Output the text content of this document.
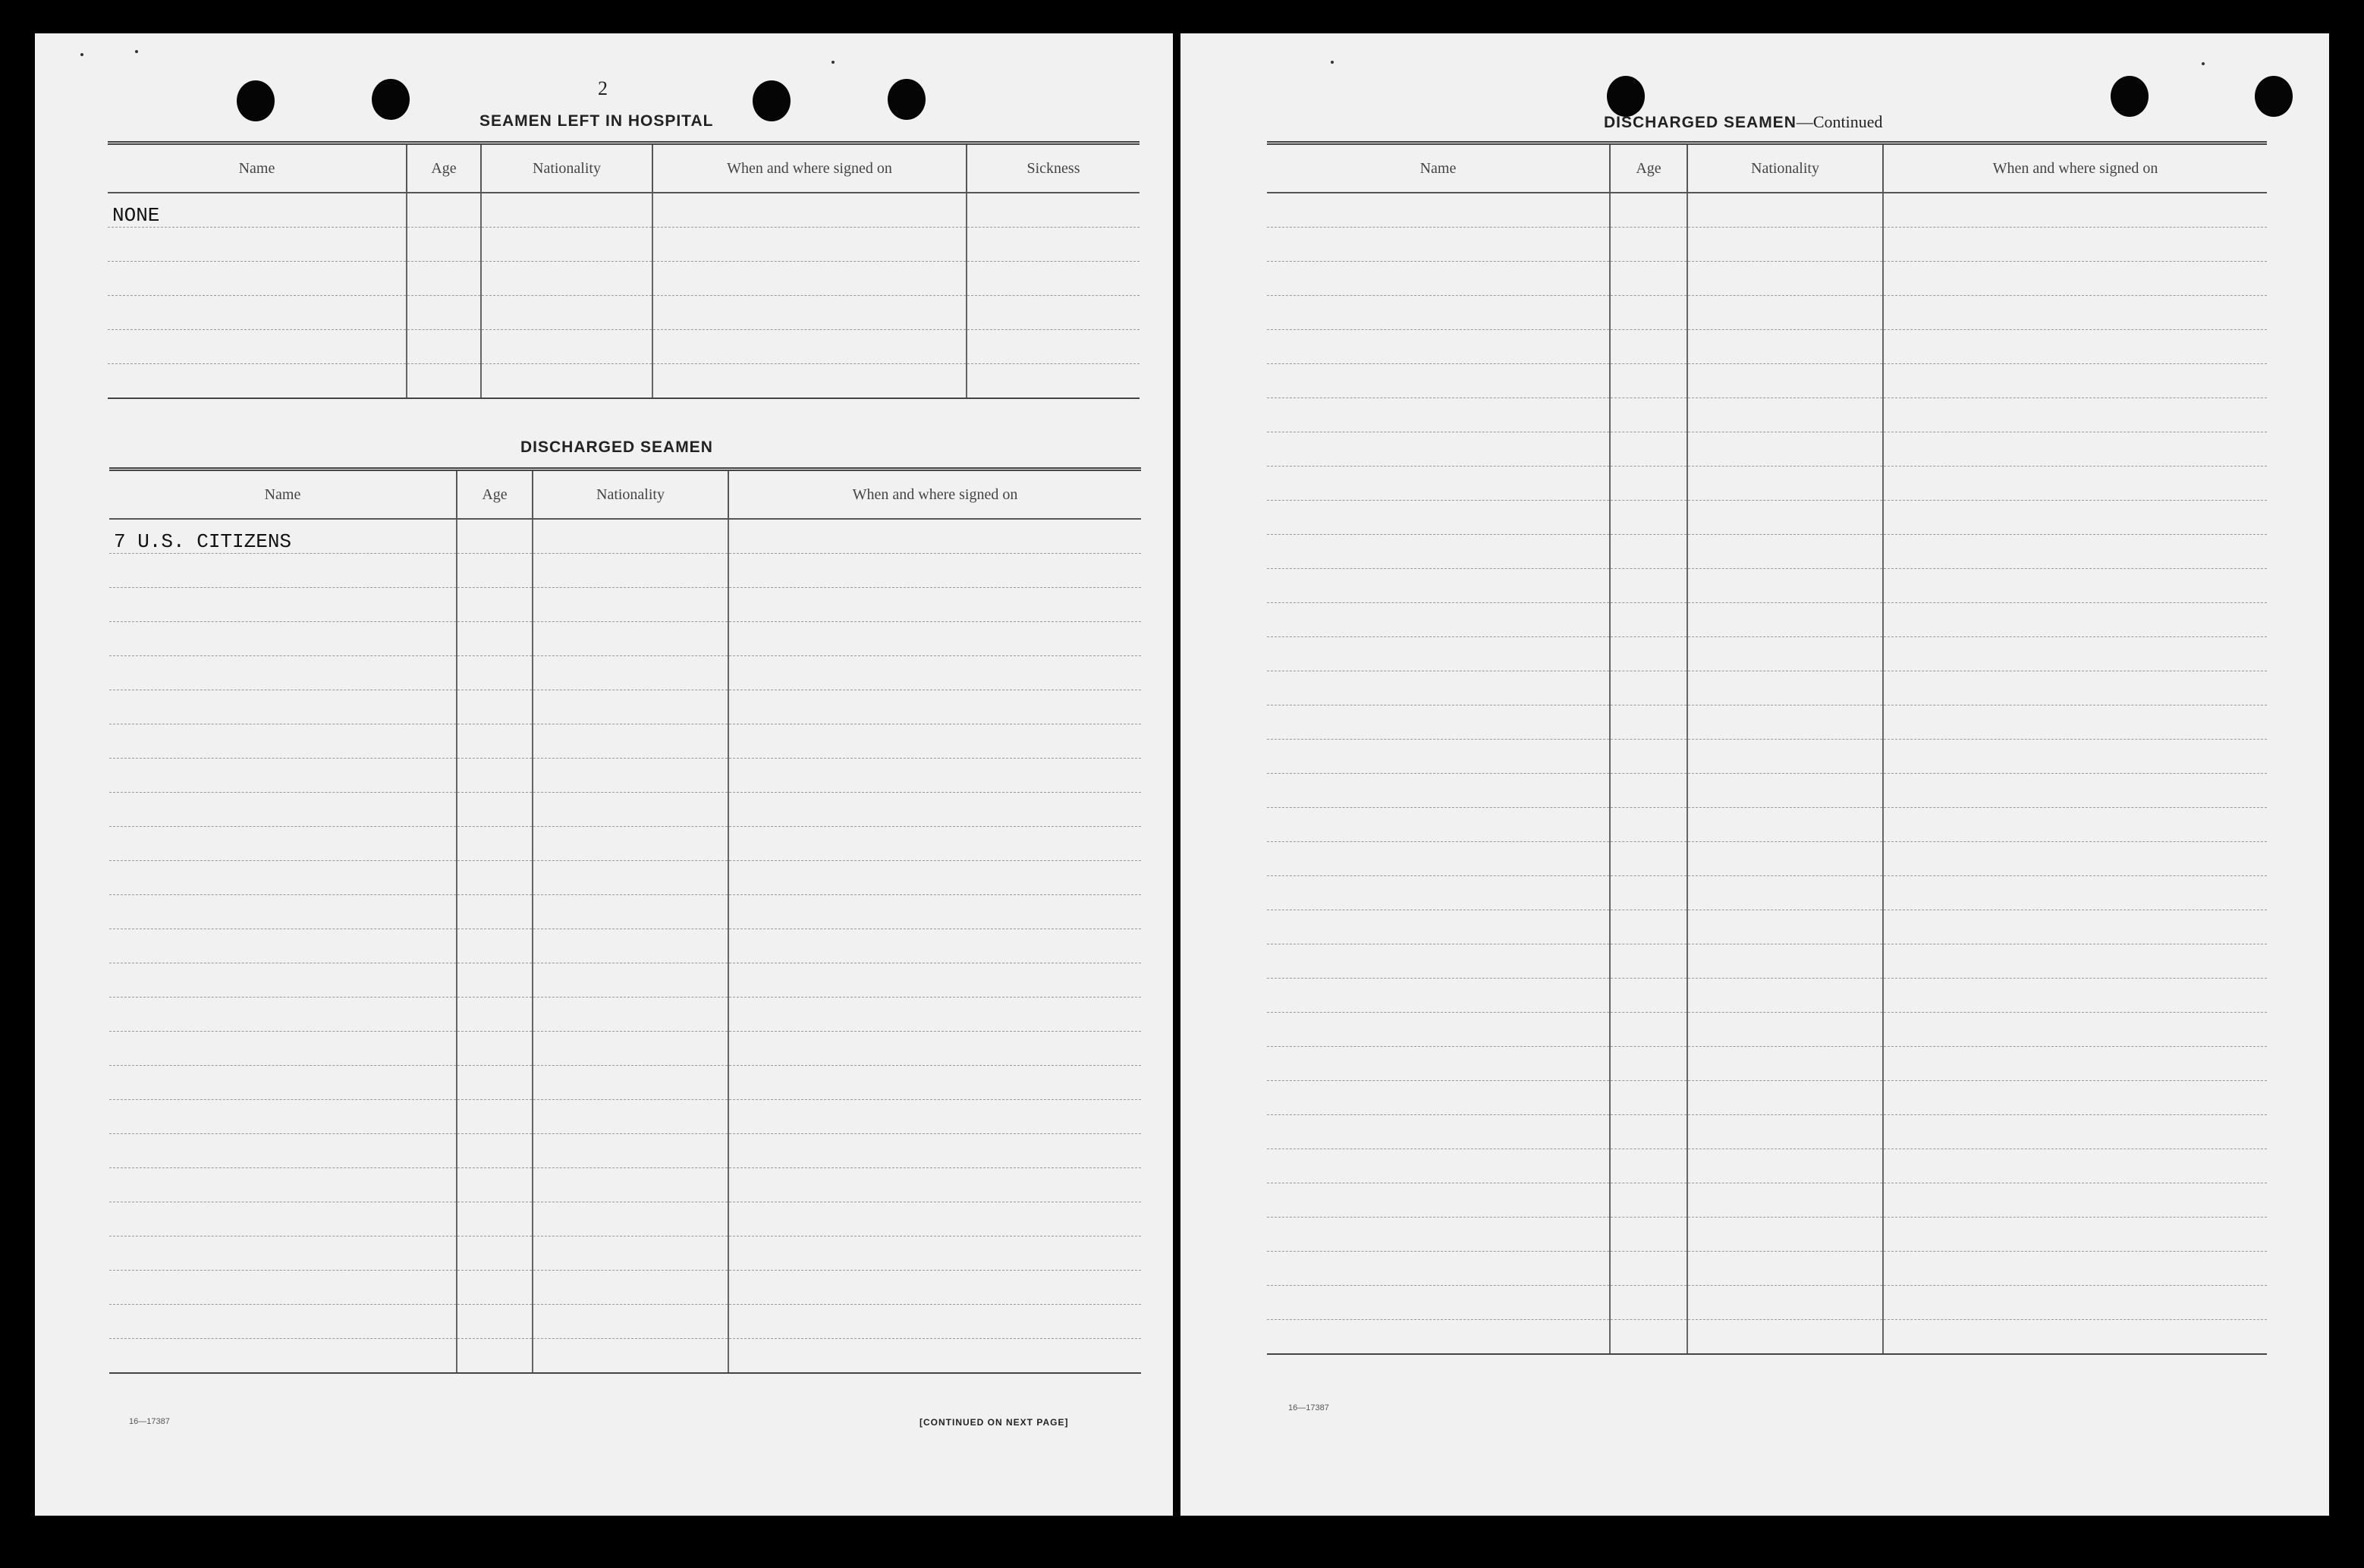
2
SEAMEN LEFT IN HOSPITAL
Name	Age	Nationality	When and where signed on	Sickness
NONE				

DISCHARGED SEAMEN
Name	Age	Nationality	When and where signed on
7 U.S. CITIZENS			

16—17387	[CONTINUED ON NEXT PAGE]
DISCHARGED SEAMEN—Continued
Name	Age	Nationality	When and where signed on

16—17387
